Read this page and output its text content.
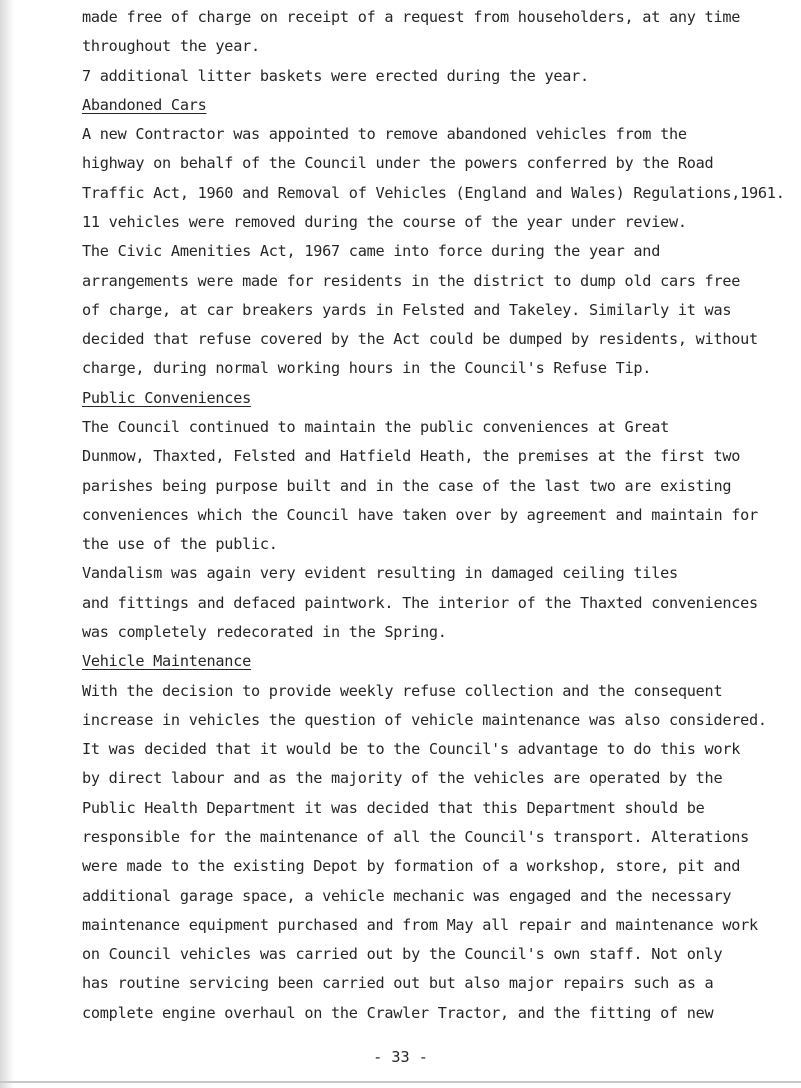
made free of charge on receipt of a request from householders, at any time
throughout the year.
7 additional litter baskets were erected during the year.
Abandoned Cars
A new Contractor was appointed to remove abandoned vehicles from the
highway on behalf of the Council under the powers conferred by the Road
Traffic Act, 1960 and Removal of Vehicles (England and Wales) Regulations,1961.
11 vehicles were removed during the course of the year under review.
The Civic Amenities Act, 1967 came into force during the year and
arrangements were made for residents in the district to dump old cars free
of charge, at car breakers yards in Felsted and Takeley. Similarly it was
decided that refuse covered by the Act could be dumped by residents, without
charge, during normal working hours in the Council's Refuse Tip.
Public Conveniences
The Council continued to maintain the public conveniences at Great
Dunmow, Thaxted, Felsted and Hatfield Heath, the premises at the first two
parishes being purpose built and in the case of the last two are existing
conveniences which the Council have taken over by agreement and maintain for
the use of the public.
Vandalism was again very evident resulting in damaged ceiling tiles
and fittings and defaced paintwork. The interior of the Thaxted conveniences
was completely redecorated in the Spring.
Vehicle Maintenance
With the decision to provide weekly refuse collection and the consequent
increase in vehicles the question of vehicle maintenance was also considered.
It was decided that it would be to the Council's advantage to do this work
by direct labour and as the majority of the vehicles are operated by the
Public Health Department it was decided that this Department should be
responsible for the maintenance of all the Council's transport. Alterations
were made to the existing Depot by formation of a workshop, store, pit and
additional garage space, a vehicle mechanic was engaged and the necessary
maintenance equipment purchased and from May all repair and maintenance work
on Council vehicles was carried out by the Council's own staff. Not only
has routine servicing been carried out but also major repairs such as a
complete engine overhaul on the Crawler Tractor, and the fitting of new
- 33 -
